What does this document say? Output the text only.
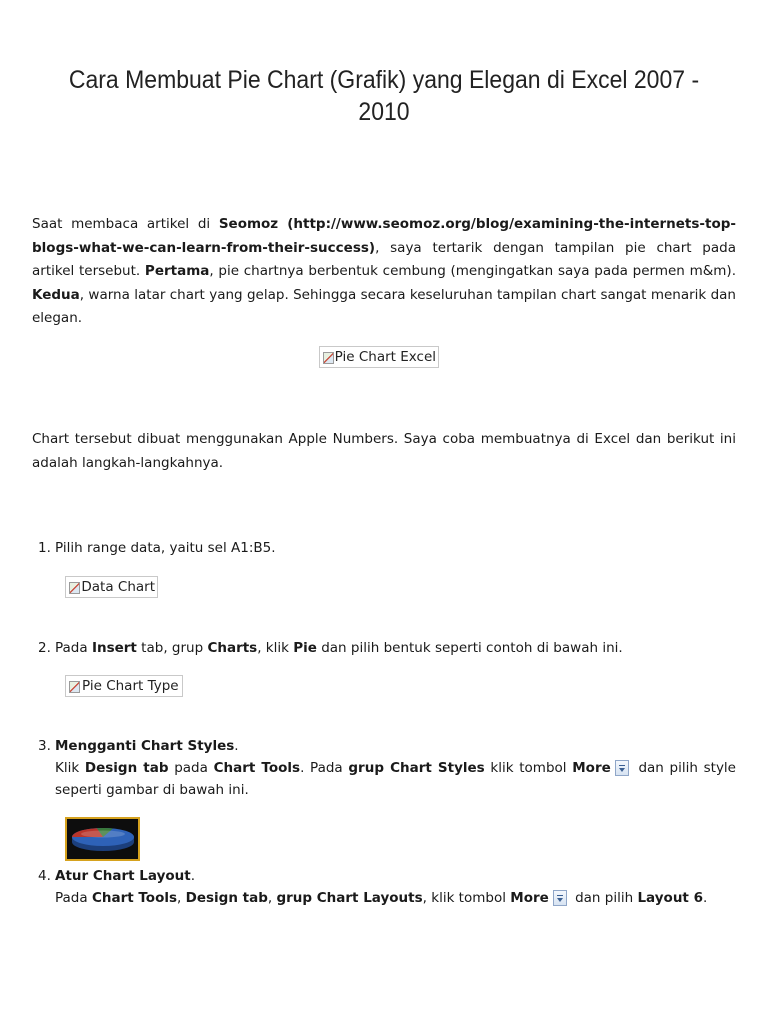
Cara Membuat Pie Chart (Grafik) yang Elegan di Excel 2007 - 2010
Saat membaca artikel di Seomoz (http://www.seomoz.org/blog/examining-the-internets-top-blogs-what-we-can-learn-from-their-success), saya tertarik dengan tampilan pie chart pada artikel tersebut. Pertama, pie chartnya berbentuk cembung (mengingatkan saya pada permen m&m). Kedua, warna latar chart yang gelap. Sehingga secara keseluruhan tampilan chart sangat menarik dan elegan.
Pie Chart Excel
Chart tersebut dibuat menggunakan Apple Numbers. Saya coba membuatnya di Excel dan berikut ini adalah langkah-langkahnya.
1. Pilih range data, yaitu sel A1:B5.
Data Chart
2. Pada Insert tab, grup Charts, klik Pie dan pilih bentuk seperti contoh di bawah ini.
Pie Chart Type
3. Mengganti Chart Styles.
Klik Design tab pada Chart Tools. Pada grup Chart Styles klik tombol More dan pilih style seperti gambar di bawah ini.
4. Atur Chart Layout.
Pada Chart Tools, Design tab, grup Chart Layouts, klik tombol More dan pilih Layout 6.
